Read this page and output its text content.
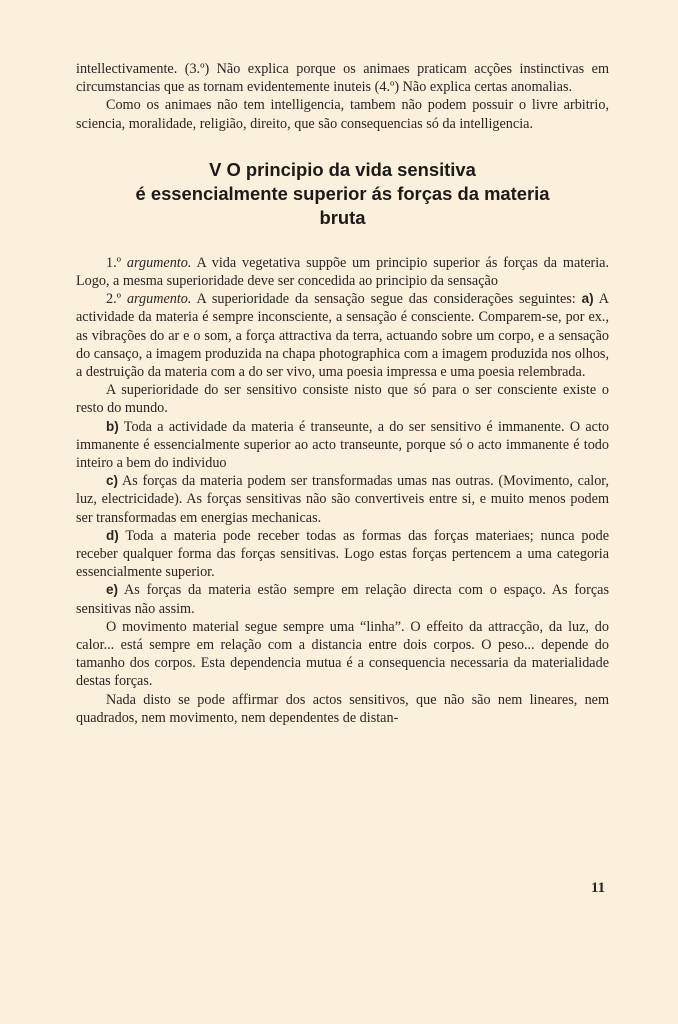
intellectivamente. (3.º) Não explica porque os animaes praticam acções instinctivas em circumstancias que as tornam evidentemente inuteis (4.º) Não explica certas anomalias.

Como os animaes não tem intelligencia, tambem não podem possuir o livre arbitrio, sciencia, moralidade, religião, direito, que são consequencias só da intelligencia.

V O principio da vida sensitiva
é essencialmente superior ás forças da materia
bruta

1.º argumento. A vida vegetativa suppõe um principio superior ás forças da materia. Logo, a mesma superioridade deve ser concedida ao principio da sensação

2.º argumento. A superioridade da sensação segue das considerações seguintes: a) A actividade da materia é sempre inconsciente, a sensação é consciente. Comparem-se, por ex., as vibrações do ar e o som, a força attractiva da terra, actuando sobre um corpo, e a sensação do cansaço, a imagem produzida na chapa photographica com a imagem produzida nos olhos, a destruição da materia com a do ser vivo, uma poesia impressa e uma poesia relembrada.

A superioridade do ser sensitivo consiste nisto que só para o ser consciente existe o resto do mundo.

b) Toda a actividade da materia é transeunte, a do ser sensitivo é immanente. O acto immanente é essencialmente superior ao acto transeunte, porque só o acto immanente é todo inteiro a bem do individuo

c) As forças da materia podem ser transformadas umas nas outras. (Movimento, calor, luz, electricidade). As forças sensitivas não são convertiveis entre si, e muito menos podem ser transformadas em energias mechanicas.

d) Toda a materia pode receber todas as formas das forças materiaes; nunca pode receber qualquer forma das forças sensitivas. Logo estas forças pertencem a uma categoria essencialmente superior.

e) As forças da materia estão sempre em relação directa com o espaço. As forças sensitivas não assim.

O movimento material segue sempre uma “linha”. O effeito da attracção, da luz, do calor... está sempre em relação com a distancia entre dois corpos. O peso... depende do tamanho dos corpos. Esta dependencia mutua é a consequencia necessaria da materialidade destas forças.

Nada disto se pode affirmar dos actos sensitivos, que não são nem lineares, nem quadrados, nem movimento, nem dependentes de distan-

11
